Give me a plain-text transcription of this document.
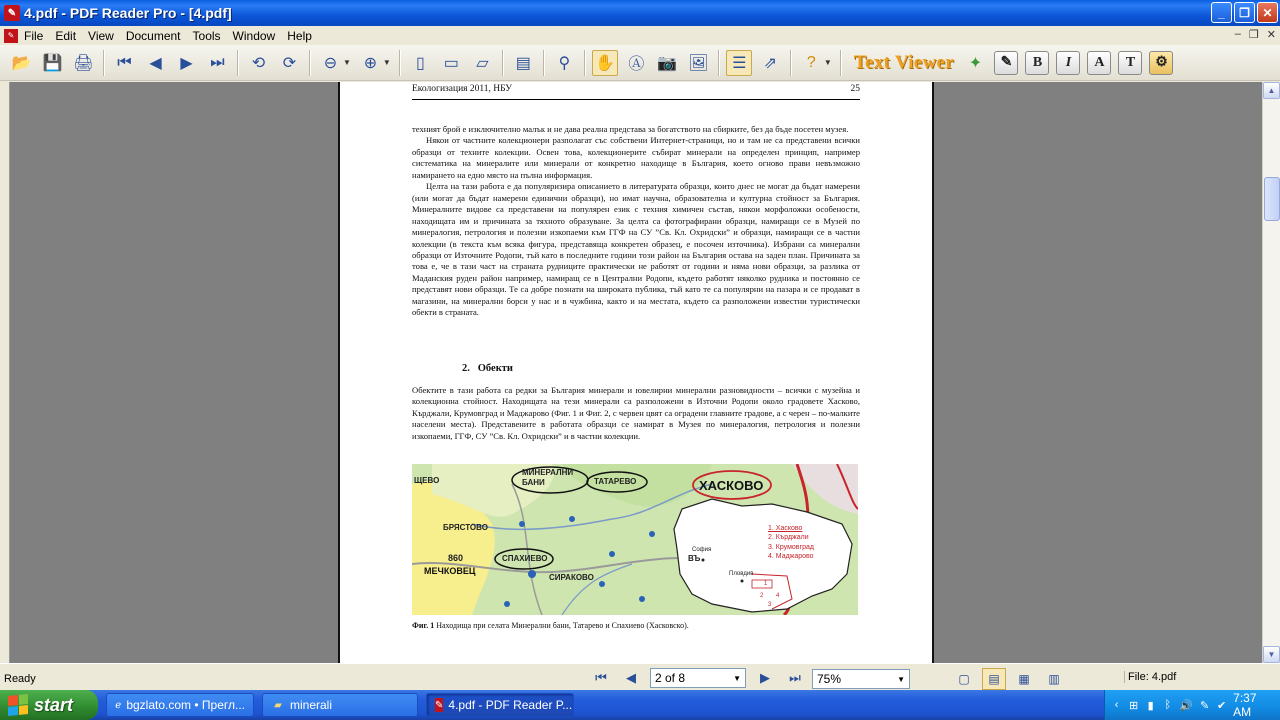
✎ 4.pdf - PDF Reader Pro - [4.pdf]	_	❐	✕
✎ File	Edit	View	Document	Tools	Window	Help	– ❐ ✕
📂 💾 🖨	⏮	◀	▶	⏭	⟲	⟳	⊖ ▼ ⊕ ▼	▯	▭	▱	▤	⚲	✋ Ⓐ 📷 🖼	☰	⇗	?	▼ Text Viewer ✦	✎	B	I	A	T	⚙
Екологизация 2011, НБУ	25

техният брой е изключително малък и не дава реална представа за богатството на сбирките, без да бъде посетен музея.

Някои от частните колекционери разполагат със собствени Интернет-страници, но и там не са представени всички образци от техните колекции. Освен това, колекционерите събират минерали на определен принцип, например систематика на минералите или минерали от конкретно находище в България, което огново прави невъзможно намирането на едно място на пълна информация.

Целта на тази работа е да популяризира описанието в литературата образци, които днес не могат да бъдат намерени (или могат да бъдат намерени единични образци), но имат научна, образователна и културна стойност за България. Минералните видове са представени на популярен език с техния химичен състав, някои морфоложки особености, находищата им и причината за тяхното образуване. За целта са фотографирани образци, намиращи се в Музей по минералогия, петрология и полезни изкопаеми към ГГФ на СУ ”Св. Кл. Охридски” и образци, намиращи се в частни колекции (в текста към всяка фигура, представяща конкретен образец, е посочен източника). Избрани са минерални образци от Източните Родопи, тъй като в последните години този район на България остава на заден план. Причината за това е, че в тази част на страната рудниците практически не работят от години и няма нови образци, за разлика от Маданския руден район например, намиращ се в Централни Родопи, където работят няколко рудника и постоянно се представят нови образци. Те са добре познати на широката публика, тъй като те са популярни на пазара и се продават в магазини, на минерални борси у нас и в чужбина, както и на местата, където са разположени известни туристически обекти в страната.

2. Обекти
Обектите в тази работа са редки за България минерали и ювелирни минерални разновидности – всички с музейна и колекционна стойност. Находищата на тези минерали са разположени в Източни Родопи около градовете Хасково, Кърджали, Крумовград и Маджарово (Фиг. 1 и Фиг. 2, с червен цвят са оградени главните градове, а с черен – по-малките населени места). Представените в работата образци се намират в Музея по минералогия, петрология и полезни изкопаеми, ГГФ, СУ ”Св. Кл. Охридски” и в частни колекции.
ЩЕВО
МИНЕРАЛНИ
БАНИ	ТАТАРЕВО	ХАСКОВО
БРЯСТОВО
860
МЕЧКОВЕЦ
СПАХИЕВО
СИРАКОВО
ВЪ
София
Пловдив
1. Хасково
2. Кърджали
3. Крумовград
4. Маджарово
1
2 4
3
Фиг. 1 Находища при селата Минерални бани, Татарево и Спахиево (Хасковско).
▲
▼
Ready	⏮	◀	2 of 8	▼	▶	⏭	75%	▼	▢	▤	▦	▥	File: 4.pdf
start	ℯ bgzlato.com • Прегл...	▰ minerali	✎ 4.pdf - PDF Reader P...	‹ ⊞ ▮ ᛒ 🔊 ✎ ✔
7:37 AM
